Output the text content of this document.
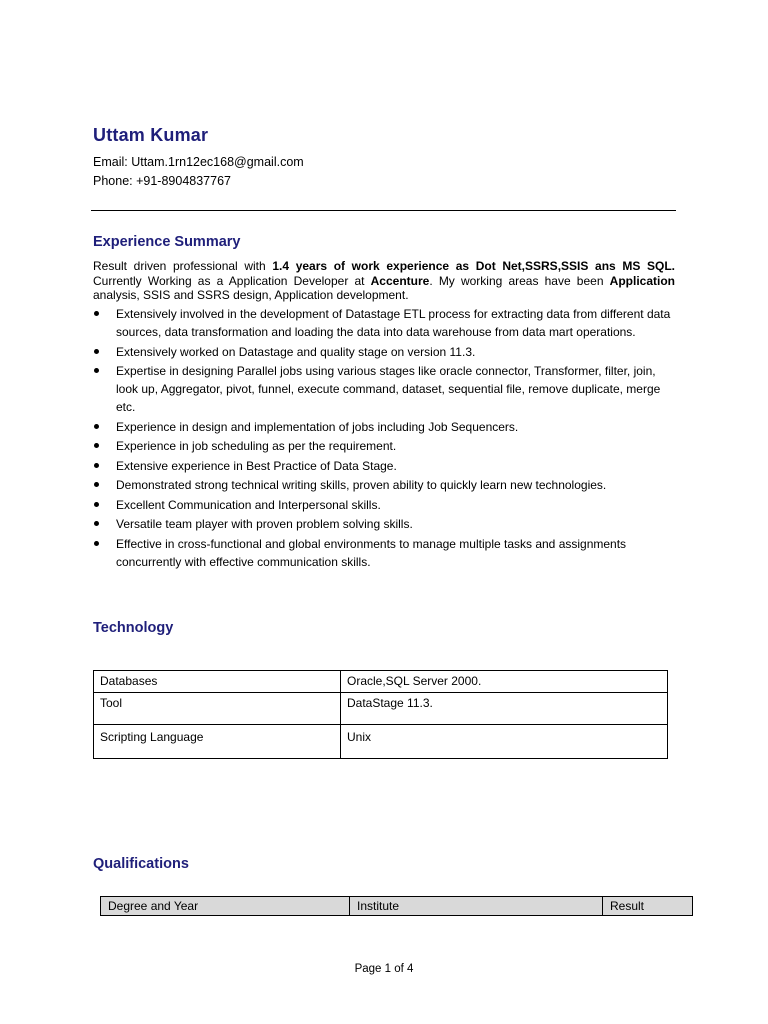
Uttam Kumar
Email: Uttam.1rn12ec168@gmail.com
Phone: +91-8904837767
Experience Summary
Result driven professional with 1.4 years of work experience as Dot Net,SSRS,SSIS ans MS SQL. Currently Working as a Application Developer at Accenture. My working areas have been Application analysis, SSIS and SSRS design, Application development.
Extensively involved in the development of Datastage ETL process for extracting data from different data sources, data transformation and loading the data into data warehouse from data mart operations.
Extensively worked on Datastage and quality stage on version 11.3.
Expertise in designing Parallel jobs using various stages like oracle connector, Transformer, filter, join, look up, Aggregator, pivot, funnel, execute command, dataset, sequential file, remove duplicate, merge etc.
Experience in design and implementation of jobs including Job Sequencers.
Experience in job scheduling as per the requirement.
Extensive experience in Best Practice of Data Stage.
Demonstrated strong technical writing skills, proven ability to quickly learn new technologies.
Excellent Communication and Interpersonal skills.
Versatile team player with proven problem solving skills.
Effective in cross-functional and global environments to manage multiple tasks and assignments concurrently with effective communication skills.
Technology
Databases	Oracle,SQL Server 2000.
Tool	DataStage 11.3.
Scripting Language	Unix
Qualifications
Degree and Year	Institute	Result
Page 1 of 4
